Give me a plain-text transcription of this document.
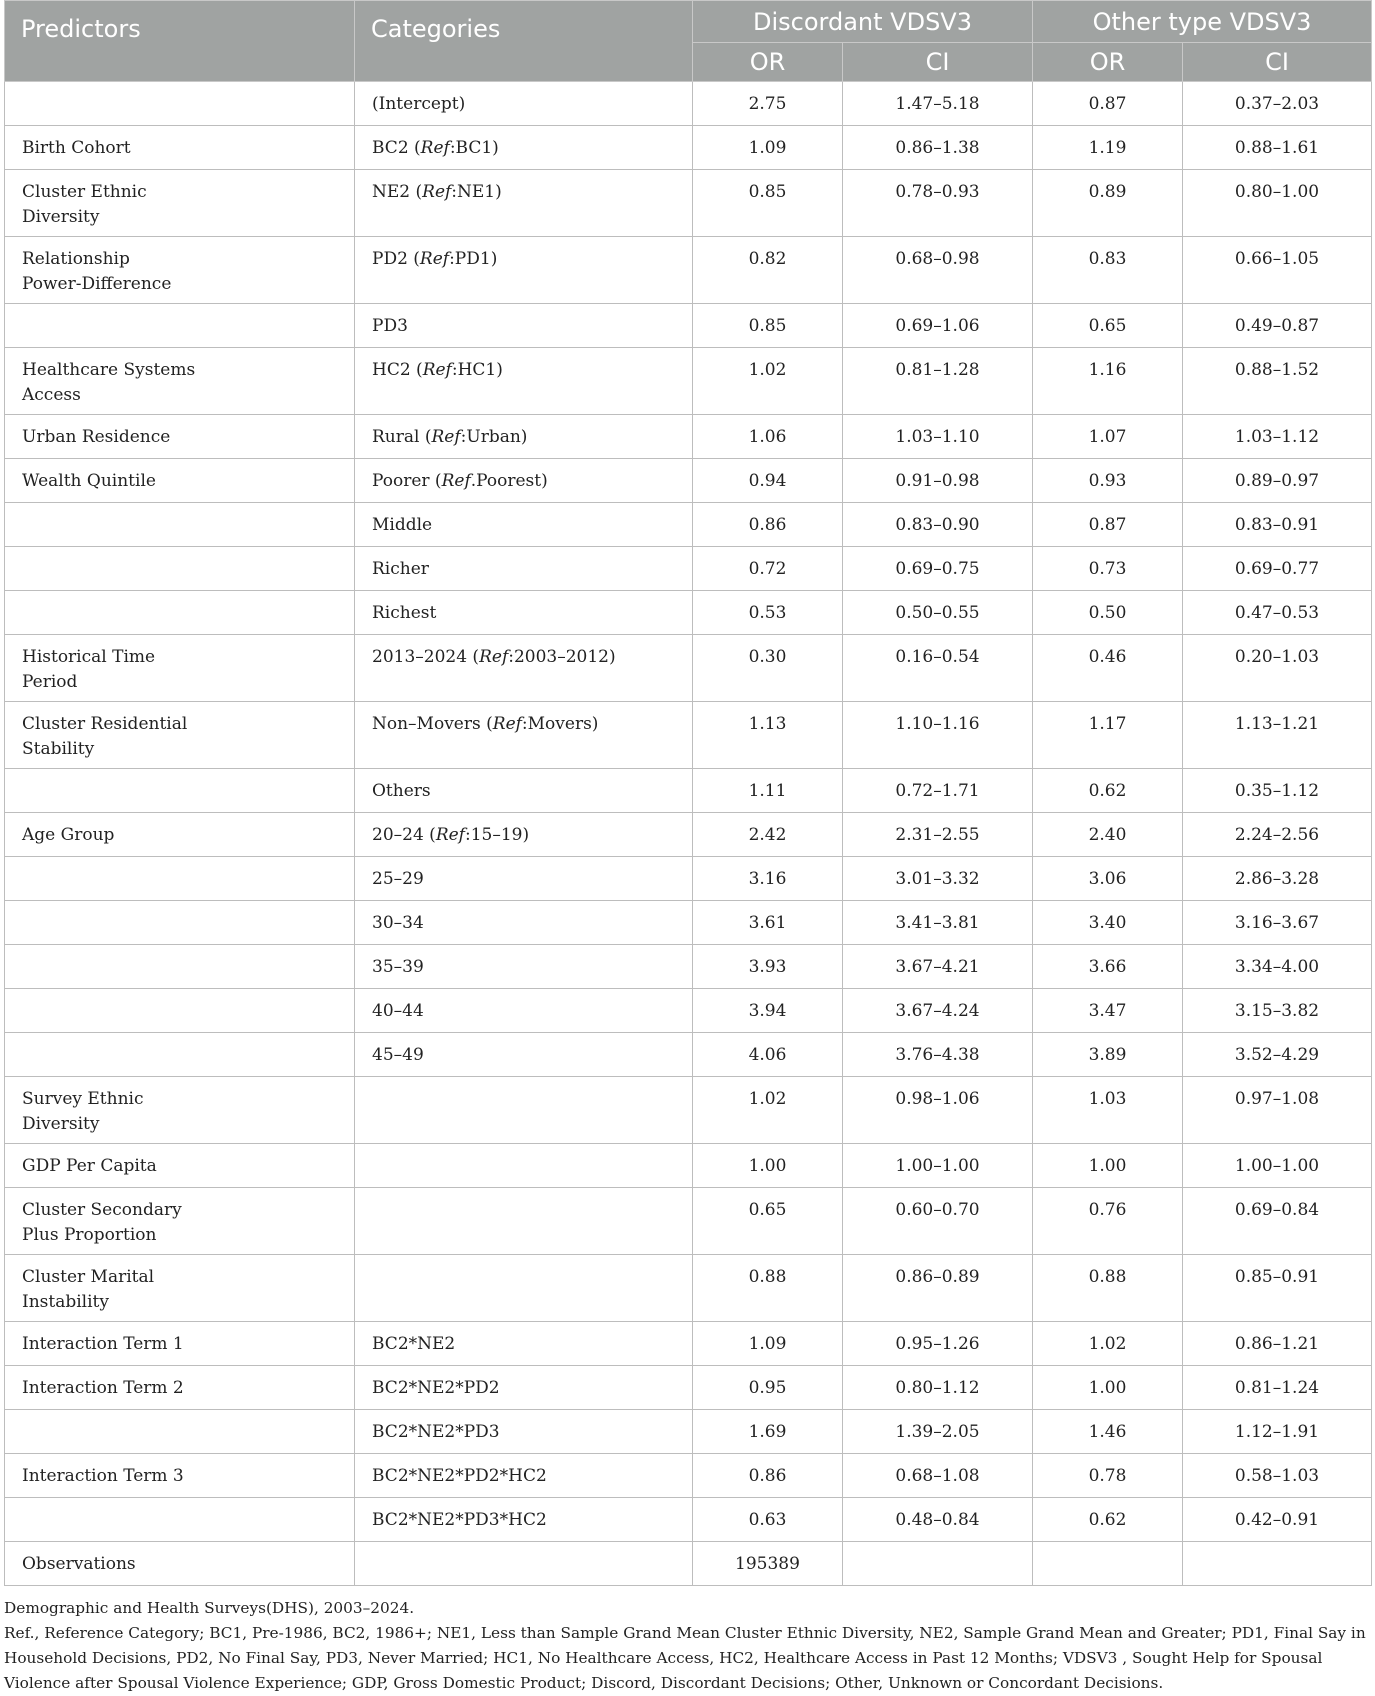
Predictors	Categories	Discordant VDSV3		Other type VDSV3	
		OR	CI	OR	CI
	(Intercept)	2.75	1.47–5.18	0.87	0.37–2.03
Birth Cohort	BC2 (Ref:BC1)	1.09	0.86–1.38	1.19	0.88–1.61
Cluster Ethnic
Diversity	NE2 (Ref:NE1)	0.85	0.78–0.93	0.89	0.80–1.00
Relationship
Power-Difference	PD2 (Ref:PD1)	0.82	0.68–0.98	0.83	0.66–1.05
	PD3	0.85	0.69–1.06	0.65	0.49–0.87
Healthcare Systems
Access	HC2 (Ref:HC1)	1.02	0.81–1.28	1.16	0.88–1.52
Urban Residence	Rural (Ref:Urban)	1.06	1.03–1.10	1.07	1.03–1.12
Wealth Quintile	Poorer (Ref.Poorest)	0.94	0.91–0.98	0.93	0.89–0.97
	Middle	0.86	0.83–0.90	0.87	0.83–0.91
	Richer	0.72	0.69–0.75	0.73	0.69–0.77
	Richest	0.53	0.50–0.55	0.50	0.47–0.53
Historical Time
Period	2013–2024 (Ref:2003–2012)	0.30	0.16–0.54	0.46	0.20–1.03
Cluster Residential
Stability	Non–Movers (Ref:Movers)	1.13	1.10–1.16	1.17	1.13–1.21
	Others	1.11	0.72–1.71	0.62	0.35–1.12
Age Group	20–24 (Ref:15–19)	2.42	2.31–2.55	2.40	2.24–2.56
	25–29	3.16	3.01–3.32	3.06	2.86–3.28
	30–34	3.61	3.41–3.81	3.40	3.16–3.67
	35–39	3.93	3.67–4.21	3.66	3.34–4.00
	40–44	3.94	3.67–4.24	3.47	3.15–3.82
	45–49	4.06	3.76–4.38	3.89	3.52–4.29
Survey Ethnic
Diversity		1.02	0.98–1.06	1.03	0.97–1.08
GDP Per Capita		1.00	1.00–1.00	1.00	1.00–1.00
Cluster Secondary
Plus Proportion		0.65	0.60–0.70	0.76	0.69–0.84
Cluster Marital
Instability		0.88	0.86–0.89	0.88	0.85–0.91
Interaction Term 1	BC2*NE2	1.09	0.95–1.26	1.02	0.86–1.21
Interaction Term 2	BC2*NE2*PD2	0.95	0.80–1.12	1.00	0.81–1.24
	BC2*NE2*PD3	1.69	1.39–2.05	1.46	1.12–1.91
Interaction Term 3	BC2*NE2*PD2*HC2	0.86	0.68–1.08	0.78	0.58–1.03
	BC2*NE2*PD3*HC2	0.63	0.48–0.84	0.62	0.42–0.91
Observations		195389			

Demographic and Health Surveys(DHS), 2003–2024.

Ref., Reference Category; BC1, Pre-1986, BC2, 1986+; NE1, Less than Sample Grand Mean Cluster Ethnic Diversity, NE2, Sample Grand Mean and Greater; PD1, Final Say in Household Decisions, PD2, No Final Say, PD3, Never Married; HC1, No Healthcare Access, HC2, Healthcare Access in Past 12 Months; VDSV3 , Sought Help for Spousal Violence after Spousal Violence Experience; GDP, Gross Domestic Product; Discord, Discordant Decisions; Other, Unknown or Concordant Decisions.
